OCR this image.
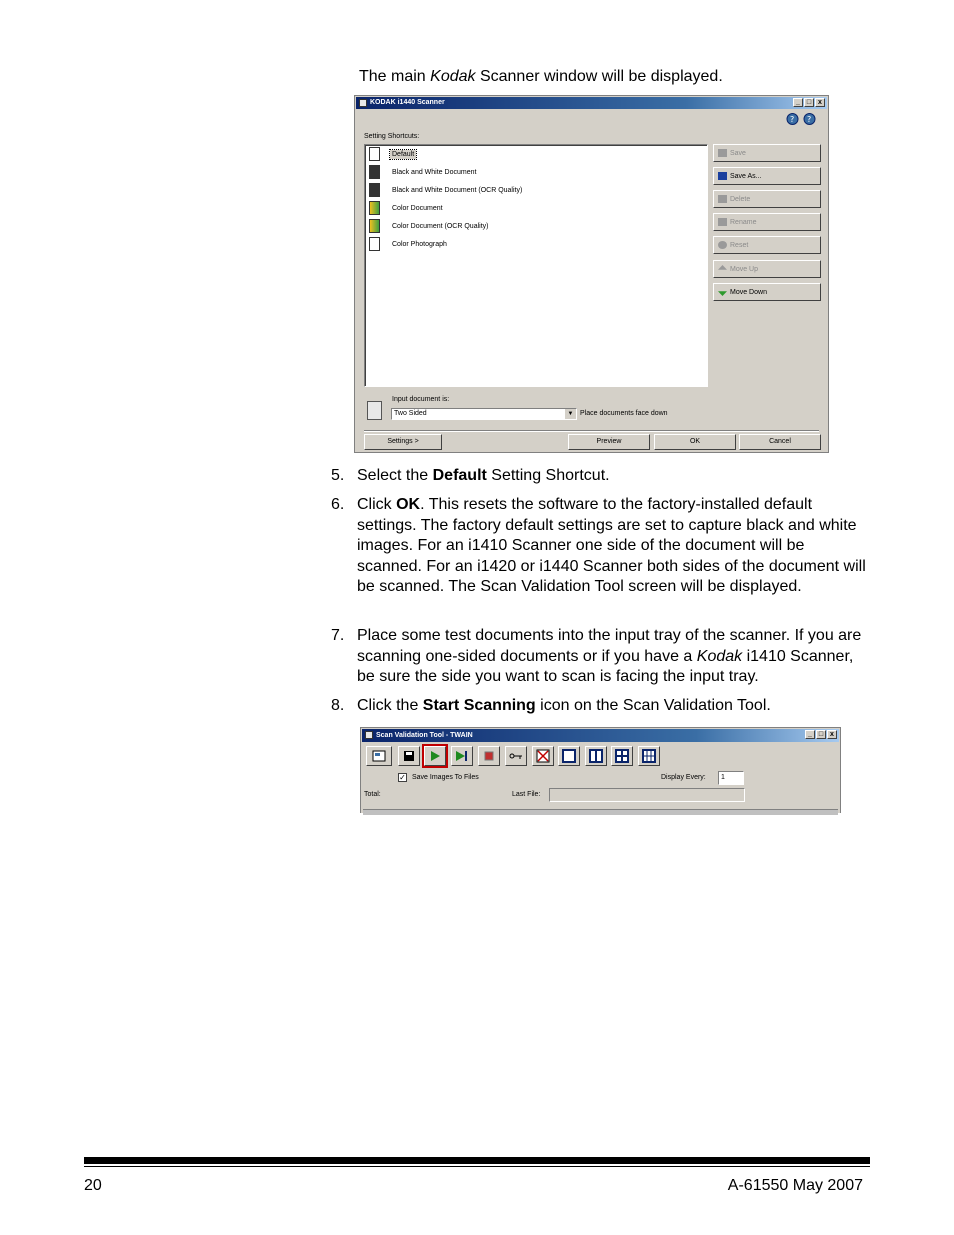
The main Kodak Scanner window will be displayed.
KODAK i1440 Scanner	_ □ x
? ?
Setting Shortcuts:
Default
Black and White Document
Black and White Document (OCR Quality)
Color Document
Color Document (OCR Quality)
Color Photograph
Save
Save As...
Delete
Rename
Reset
Move Up
Move Down
Input document is:
Two Sided	▼ Place documents face down
Settings >	Preview	OK	Cancel
5. Select the Default Setting Shortcut.
6. Click OK. This resets the software to the factory-installed default settings. The factory default settings are set to capture black and white images. For an i1410 Scanner one side of the document will be scanned. For an i1420 or i1440 Scanner both sides of the document will be scanned. The Scan Validation Tool screen will be displayed.
7. Place some test documents into the input tray of the scanner. If you are scanning one-sided documents or if you have a Kodak i1410 Scanner, be sure the side you want to scan is facing the input tray.
8. Click the Start Scanning icon on the Scan Validation Tool.
Scan Validation Tool - TWAIN	_ □ x
✓ Save Images To Files	Display Every:	1
Total:	Last File:
20	A-61550 May 2007
